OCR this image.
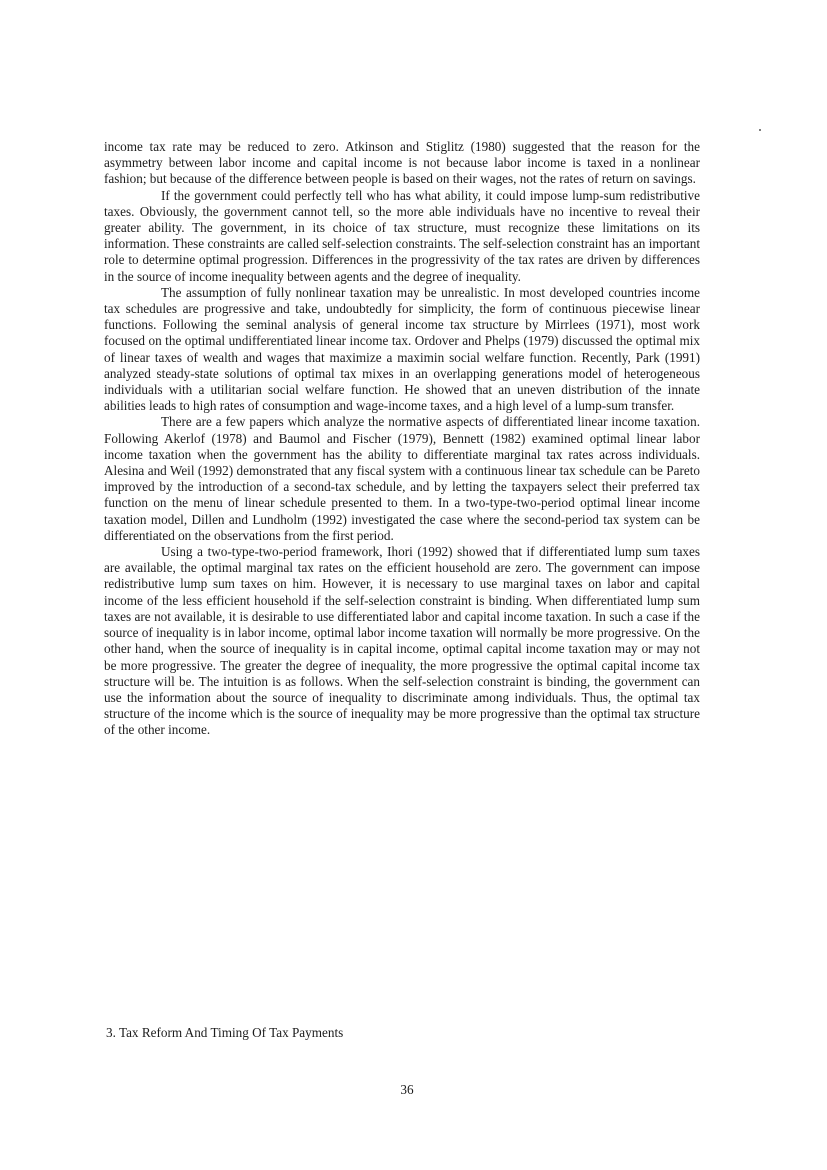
income tax rate may be reduced to zero. Atkinson and Stiglitz (1980) suggested that the reason for the asymmetry between labor income and capital income is not because labor income is taxed in a nonlinear fashion; but because of the difference between people is based on their wages, not the rates of return on savings.

If the government could perfectly tell who has what ability, it could impose lump-sum redistributive taxes. Obviously, the government cannot tell, so the more able individuals have no incentive to reveal their greater ability. The government, in its choice of tax structure, must recognize these limitations on its information. These constraints are called self-selection constraints. The self-selection constraint has an important role to determine optimal progression. Differences in the progressivity of the tax rates are driven by differences in the source of income inequality between agents and the degree of inequality.

The assumption of fully nonlinear taxation may be unrealistic. In most developed countries income tax schedules are progressive and take, undoubtedly for simplicity, the form of continuous piecewise linear functions. Following the seminal analysis of general income tax structure by Mirrlees (1971), most work focused on the optimal undifferentiated linear income tax. Ordover and Phelps (1979) discussed the optimal mix of linear taxes of wealth and wages that maximize a maximin social welfare function. Recently, Park (1991) analyzed steady-state solutions of optimal tax mixes in an overlapping generations model of heterogeneous individuals with a utilitarian social welfare function. He showed that an uneven distribution of the innate abilities leads to high rates of consumption and wage-income taxes, and a high level of a lump-sum transfer.

There are a few papers which analyze the normative aspects of differentiated linear income taxation. Following Akerlof (1978) and Baumol and Fischer (1979), Bennett (1982) examined optimal linear labor income taxation when the government has the ability to differentiate marginal tax rates across individuals. Alesina and Weil (1992) demonstrated that any fiscal system with a continuous linear tax schedule can be Pareto improved by the introduction of a second-tax schedule, and by letting the taxpayers select their preferred tax function on the menu of linear schedule presented to them. In a two-type-two-period optimal linear income taxation model, Dillen and Lundholm (1992) investigated the case where the second-period tax system can be differentiated on the observations from the first period.

Using a two-type-two-period framework, Ihori (1992) showed that if differentiated lump sum taxes are available, the optimal marginal tax rates on the efficient household are zero. The government can impose redistributive lump sum taxes on him. However, it is necessary to use marginal taxes on labor and capital income of the less efficient household if the self-selection constraint is binding. When differentiated lump sum taxes are not available, it is desirable to use differentiated labor and capital income taxation. In such a case if the source of inequality is in labor income, optimal labor income taxation will normally be more progressive. On the other hand, when the source of inequality is in capital income, optimal capital income taxation may or may not be more progressive. The greater the degree of inequality, the more progressive the optimal capital income tax structure will be. The intuition is as follows. When the self-selection constraint is binding, the government can use the information about the source of inequality to discriminate among individuals. Thus, the optimal tax structure of the income which is the source of inequality may be more progressive than the optimal tax structure of the other income.

3. Tax Reform And Timing Of Tax Payments
36
